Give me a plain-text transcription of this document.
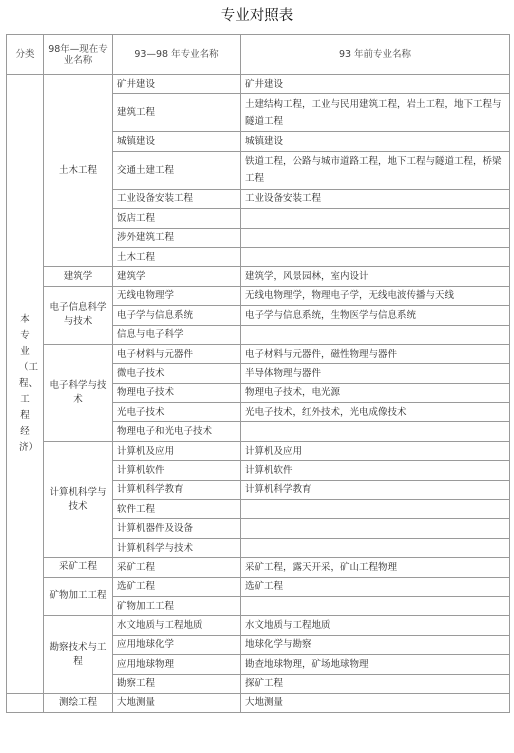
专业对照表
分类	98年—现在专业名称	93—98 年专业名称	93 年前专业名称
本专业（工程、工程经济）	土木工程	矿井建设	矿井建设
		建筑工程	土建结构工程，工业与民用建筑工程，岩土工程，地下工程与隧道工程
		城镇建设	城镇建设
		交通土建工程	铁道工程，公路与城市道路工程，地下工程与隧道工程，桥梁工程
		工业设备安装工程	工业设备安装工程
		饭店工程	
		涉外建筑工程	
		土木工程	
	建筑学	建筑学	建筑学，风景园林，室内设计
	电子信息科学与技术	无线电物理学	无线电物理学，物理电子学，无线电波传播与天线
		电子学与信息系统	电子学与信息系统，生物医学与信息系统
		信息与电子科学	
	电子科学与技术	电子材料与元器件	电子材料与元器件，磁性物理与器件
		微电子技术	半导体物理与器件
		物理电子技术	物理电子技术，电光源
		光电子技术	光电子技术，红外技术，光电成像技术
		物理电子和光电子技术	
	计算机科学与技术	计算机及应用	计算机及应用
		计算机软件	计算机软件
		计算机科学教育	计算机科学教育
		软件工程	
		计算机器件及设备	
		计算机科学与技术	
	采矿工程	采矿工程	采矿工程，露天开采，矿山工程物理
	矿物加工工程	选矿工程	选矿工程
		矿物加工工程	
	勘察技术与工程	水文地质与工程地质	水文地质与工程地质
		应用地球化学	地球化学与勘察
		应用地球物理	勘查地球物理，矿场地球物理
		勘察工程	探矿工程
	测绘工程	大地测量	大地测量
